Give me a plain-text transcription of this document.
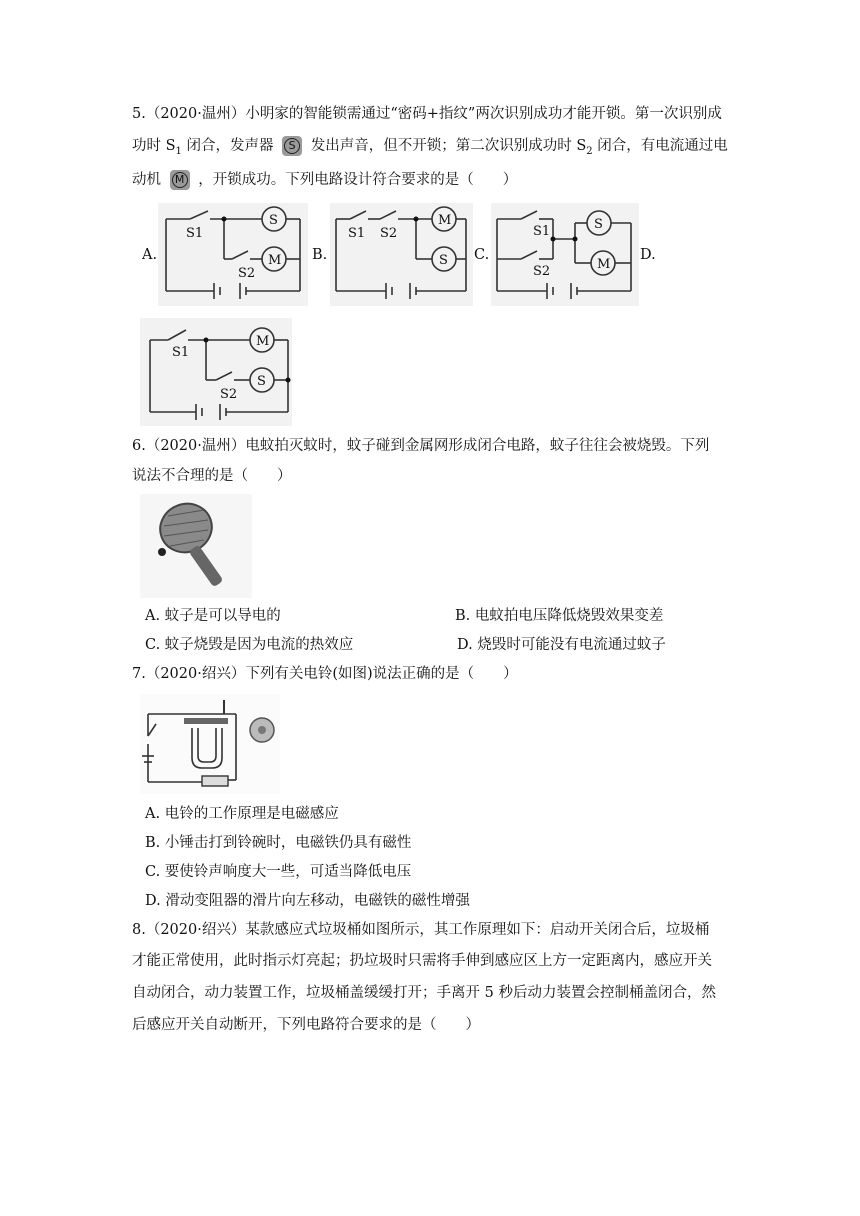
5.（2020·温州）小明家的智能锁需通过“密码+指纹”两次识别成功才能开锁。第一次识别成
功时 $S_1$ 闭合，发声器	S	发出声音，但不开锁；第二次识别成功时 $S_2$ 闭合，有电流通过电
动机 M ，开锁成功。下列电路设计符合要求的是（　　）
A.	B.	C.	D.
S1
S2
S
M
S1 S2
M
S
S1
S2
S
M
S1
S2
M
S
6.（2020·温州）电蚊拍灭蚊时，蚊子碰到金属网形成闭合电路，蚊子往往会被烧毁。下列
说法不合理的是（　　）
A. 蚊子是可以导电的	B. 电蚊拍电压降低烧毁效果变差
C. 蚊子烧毁是因为电流的热效应	D. 烧毁时可能没有电流通过蚊子
7.（2020·绍兴）下列有关电铃(如图)说法正确的是（　　）
A. 电铃的工作原理是电磁感应
B. 小锤击打到铃碗时，电磁铁仍具有磁性
C. 要使铃声响度大一些，可适当降低电压
D. 滑动变阻器的滑片向左移动，电磁铁的磁性增强
8.（2020·绍兴）某款感应式垃圾桶如图所示，其工作原理如下：启动开关闭合后，垃圾桶
才能正常使用，此时指示灯亮起；扔垃圾时只需将手伸到感应区上方一定距离内，感应开关
自动闭合，动力装置工作，垃圾桶盖缓缓打开；手离开 5 秒后动力装置会控制桶盖闭合，然
后感应开关自动断开，下列电路符合要求的是（　　）
